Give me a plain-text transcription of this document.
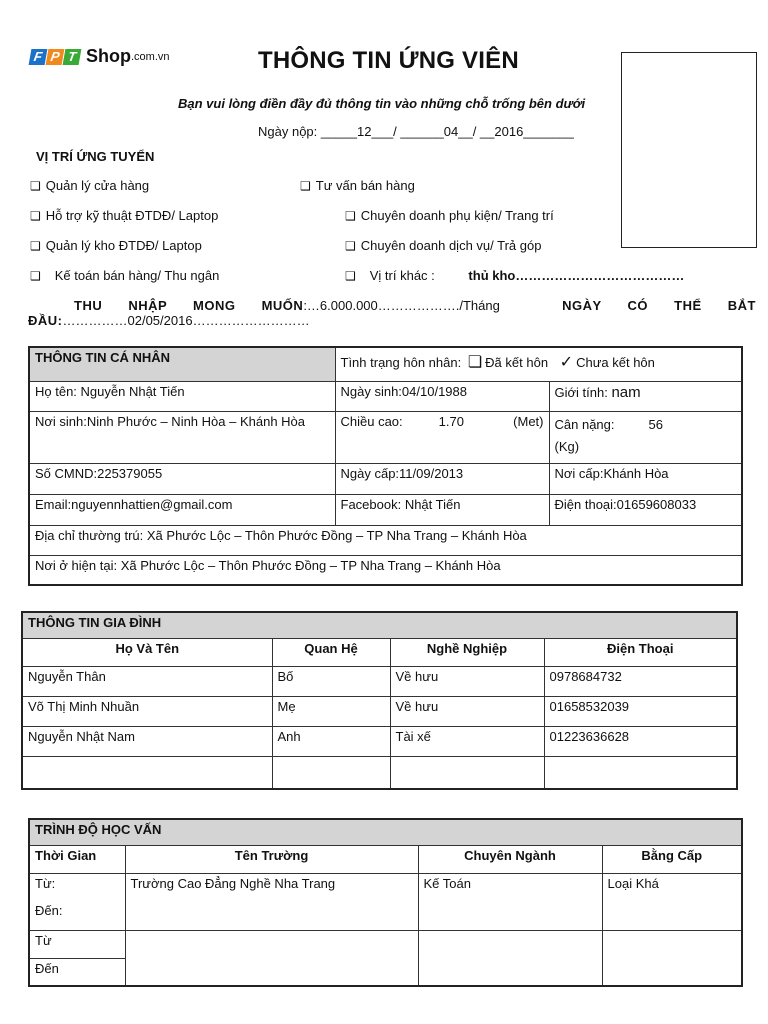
F P T Shop .com.vn	THÔNG TIN ỨNG VIÊN
Bạn vui lòng điền đầy đủ thông tin vào những chỗ trống bên dưới
Ngày nộp: _____12___/ ______04__/ __2016_______
VỊ TRÍ ỨNG TUYỂN
❑ Quản lý cửa hàng
❑ Hỗ trợ kỹ thuật ĐTDĐ/ Laptop
❑ Quản lý kho ĐTDĐ/ Laptop
❑ Kế toán bán hàng/ Thu ngân
❑ Tư vấn bán hàng
❑ Chuyên doanh phụ kiện/ Trang trí
❑ Chuyên doanh dịch vụ/ Trả góp
❑ Vị trí khác :	thủ kho…………………………………
THU NHẬP MONG MUỐN:…6.000.000………………./Tháng	NGÀY CÓ THỂ BẮT
ĐẦU:……………02/05/2016………………………
THÔNG TIN CÁ NHÂN	Tình trạng hôn nhân: ❏ Đã kết hôn ✓ Chưa kết hôn	
Họ tên: Nguyễn Nhật Tiến	Ngày sinh:04/10/1988	Giới tính: nam
Nơi sinh:Ninh Phước – Ninh Hòa – Khánh Hòa	Chiều cao: 1.70 (Met)	Cân nặng: 56
(Kg)
Số CMND:225379055	Ngày cấp:11/09/2013	Nơi cấp:Khánh Hòa
Email:nguyennhattien@gmail.com	Facebook: Nhật Tiến	Điện thoại:01659608033
Địa chỉ thường trú: Xã Phước Lộc – Thôn Phước Đồng – TP Nha Trang – Khánh Hòa		
Nơi ở hiện tại: Xã Phước Lộc – Thôn Phước Đồng – TP Nha Trang – Khánh Hòa		
THÔNG TIN GIA ĐÌNH			
Họ Và Tên	Quan Hệ	Nghề Nghiệp	Điện Thoại
Nguyễn Thân	Bố	Về hưu	0978684732
Võ Thị Minh Nhuần	Mẹ	Về hưu	01658532039
Nguyễn Nhật Nam	Anh	Tài xế	01223636628

TRÌNH ĐỘ HỌC VẤN			
Thời Gian	Tên Trường	Chuyên Ngành	Bằng Cấp
Từ:	Trường Cao Đẳng Nghề Nha Trang	Kế Toán	Loại Khá
Đến:			
Từ			
Đến			
